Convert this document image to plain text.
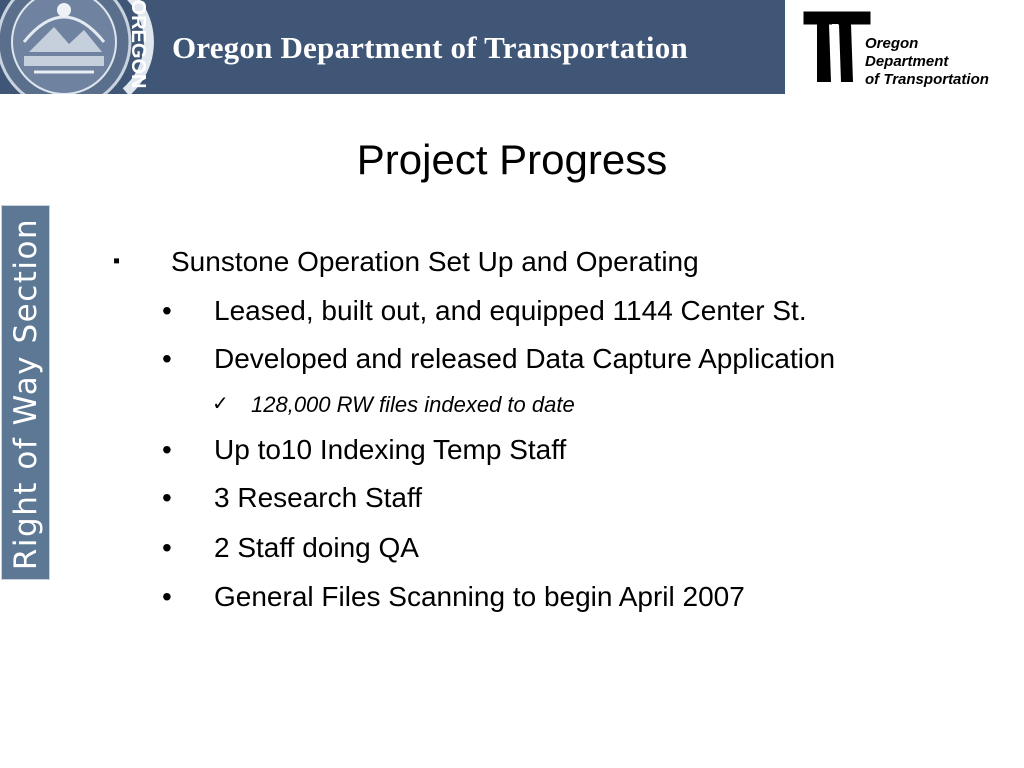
OREGON Oregon Department of Transportation	Oregon
Department
of Transportation
Right of Way Section
Project Progress
▪ Sunstone Operation Set Up and Operating
• Leased, built out, and equipped 1144 Center St.
• Developed and released Data Capture Application
✓ 128,000 RW files indexed to date
• Up to10 Indexing Temp Staff
• 3 Research Staff
• 2 Staff doing QA
• General Files Scanning to begin April 2007
